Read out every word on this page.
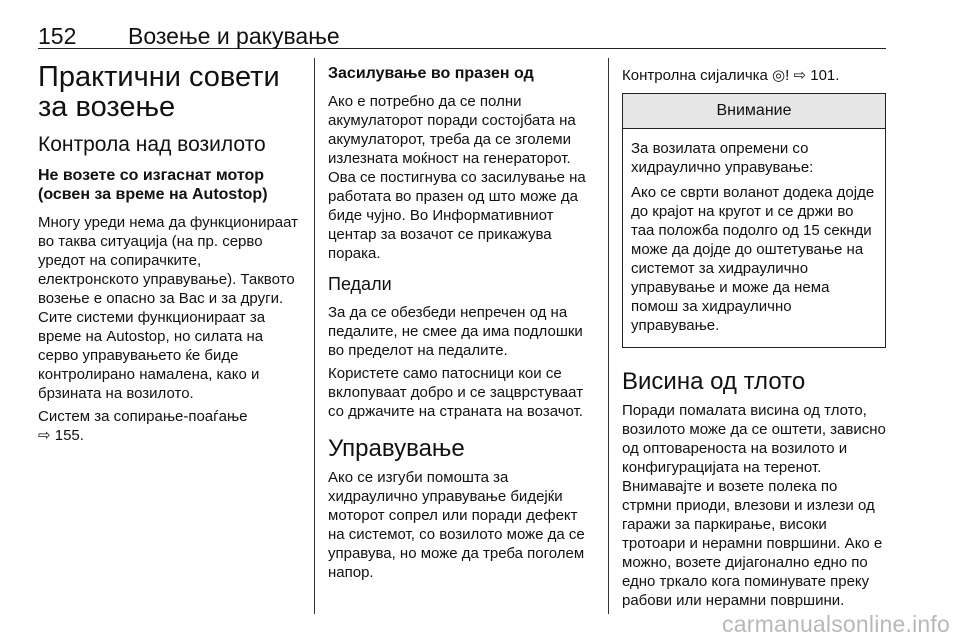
152 Возење и ракување
Практични совети за возење
Контрола над возилото
Не возете со изгаснат мотор (освен за време на Autostop)

Многу уреди нема да функционираат во таква ситуација (на пр. серво уредот на сопирачките, електронското управување). Таквото возење е опасно за Вас и за други. Сите системи функционираат за време на Autostop, но силата на серво управувањето ќе биде контролирано намалена, како и брзината на возилото.

Систем за сопирање-поаѓање
⇨ 155.

Засилување во празен од

Ако е потребно да се полни акумулаторот поради состојбата на акумулаторот, треба да се зголеми излезната моќност на генераторот. Ова се постигнува со засилување на работата во празен од што може да биде чујно. Во Информативниот центар за возачот се прикажува порака.

Педали

За да се обезбеди непречен од на педалите, не смее да има подлошки во пределот на педалите.

Користете само патосници кои се вклопуваат добро и се зацврстуваат со држачите на страната на возачот.

Управување

Ако се изгуби помошта за хидраулично управување бидејќи моторот сопрел или поради дефект на системот, со возилото може да се управува, но може да треба поголем напор.

Контролна сијаличка ◎! ⇨ 101.

Внимание

За возилата опремени со хидраулично управување:

Ако се сврти воланот додека дојде до крајот на кругот и се држи во таа положба подолго од 15 секнди може да дојде до оштетување на системот за хидраулично управување и може да нема помош за хидраулично управување.

Висина од тлото

Поради помалата висина од тлото, возилото може да се оштети, зависно од оптовареноста на возилото и конфигурацијата на теренот. Внимавајте и возете полека по стрмни приоди, влезови и излези од гаражи за паркирање, високи тротоари и нерамни површини. Ако е можно, возете дијагонално едно по едно тркало кога поминувате преку рабови или нерамни површини.

carmanualsonline.info
